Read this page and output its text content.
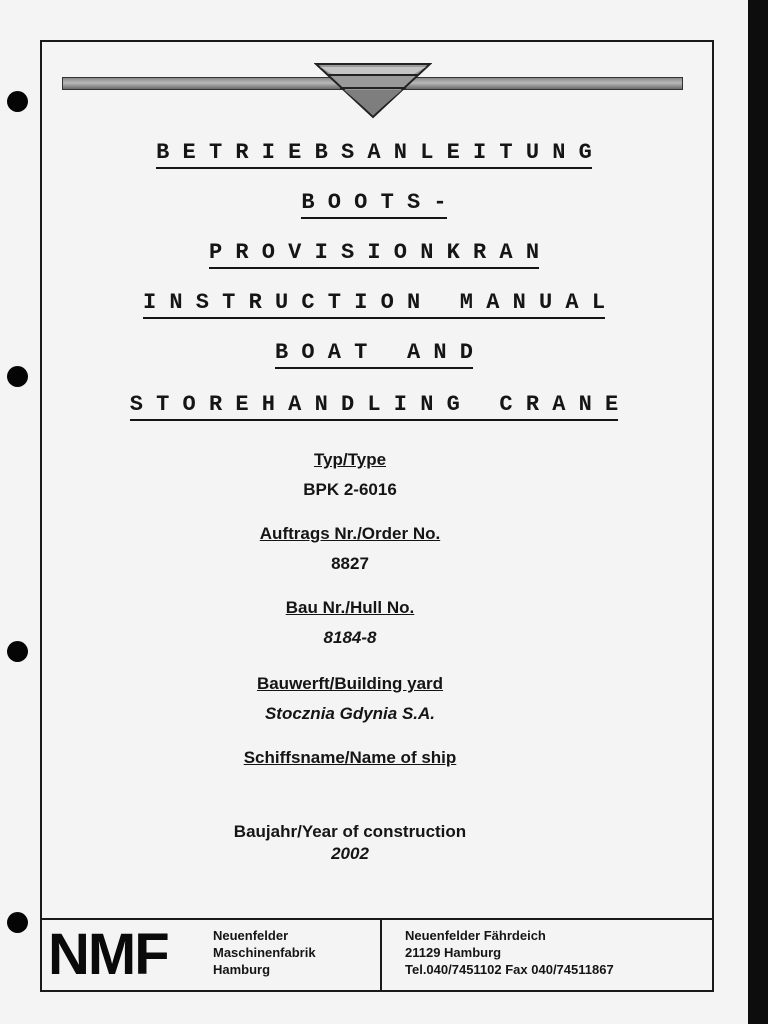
B E T R I E B S A N L E I T U N G
B O O T S -
P R O V I S I O N K R A N
I N S T R U C T I O N   M A N U A L
B O A T   A N D
S T O R E H A N D L I N G   C R A N E
Typ/Type
BPK 2-6016
Auftrags Nr./Order No.
8827
Bau Nr./Hull No.
8184-8
Bauwerft/Building yard
Stocznia Gdynia S.A.
Schiffsname/Name of ship
Baujahr/Year of construction
2002
NMF	Neuenfelder
Maschinenfabrik
Hamburg
Neuenfelder Fährdeich
21129 Hamburg
Tel.040/7451102 Fax 040/74511867
